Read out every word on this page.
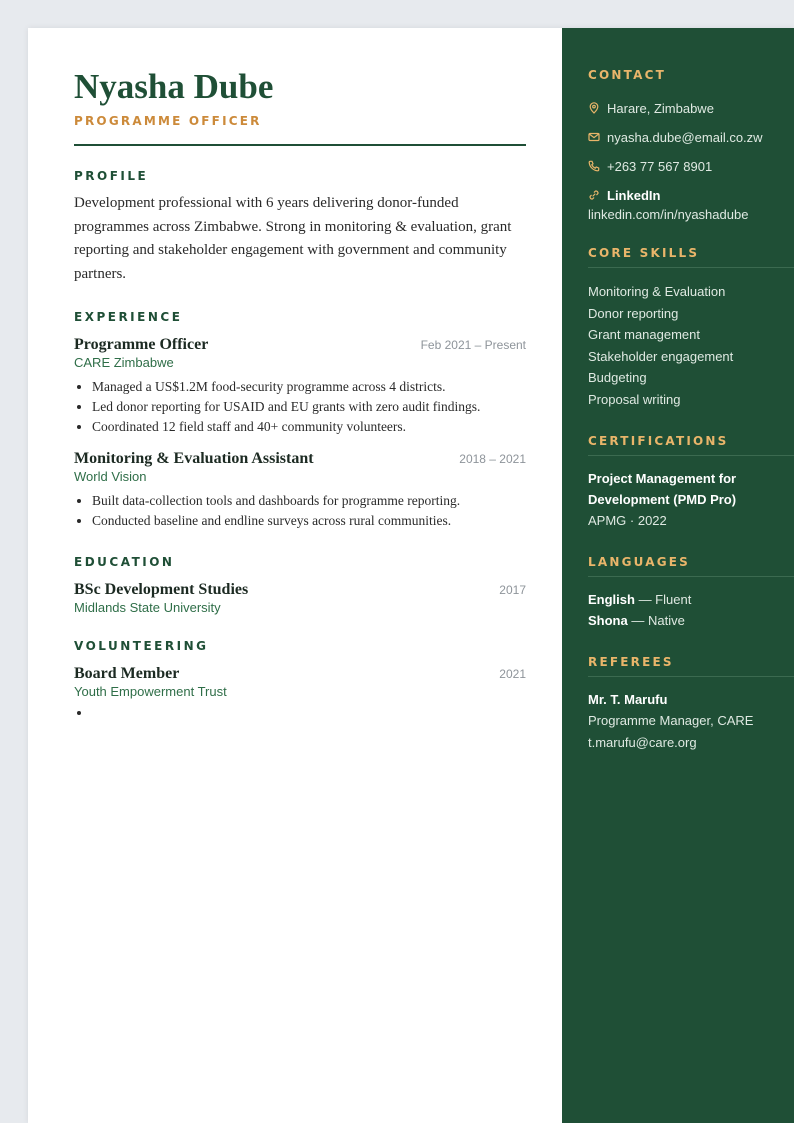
Nyasha Dube
PROGRAMME OFFICER
PROFILE
Development professional with 6 years delivering donor-funded programmes across Zimbabwe. Strong in monitoring & evaluation, grant reporting and stakeholder engagement with government and community partners.
EXPERIENCE
Programme Officer	Feb 2021 – Present
CARE Zimbabwe
• Managed a US$1.2M food-security programme across 4 districts.
• Led donor reporting for USAID and EU grants with zero audit findings.
• Coordinated 12 field staff and 40+ community volunteers.
Monitoring & Evaluation Assistant	2018 – 2021
World Vision
• Built data-collection tools and dashboards for programme reporting.
• Conducted baseline and endline surveys across rural communities.
EDUCATION
BSc Development Studies	2017
Midlands State University
VOLUNTEERING
Board Member	2021
Youth Empowerment Trust
•
CONTACT
Harare, Zimbabwe
nyasha.dube@email.co.zw
+263 77 567 8901
LinkedIn
linkedin.com/in/nyashadube
CORE SKILLS
Monitoring & Evaluation
Donor reporting
Grant management
Stakeholder engagement
Budgeting
Proposal writing
CERTIFICATIONS
Project Management for
Development (PMD Pro)
APMG · 2022
LANGUAGES
English — Fluent
Shona — Native
REFEREES
Mr. T. Marufu
Programme Manager, CARE
t.marufu@care.org
